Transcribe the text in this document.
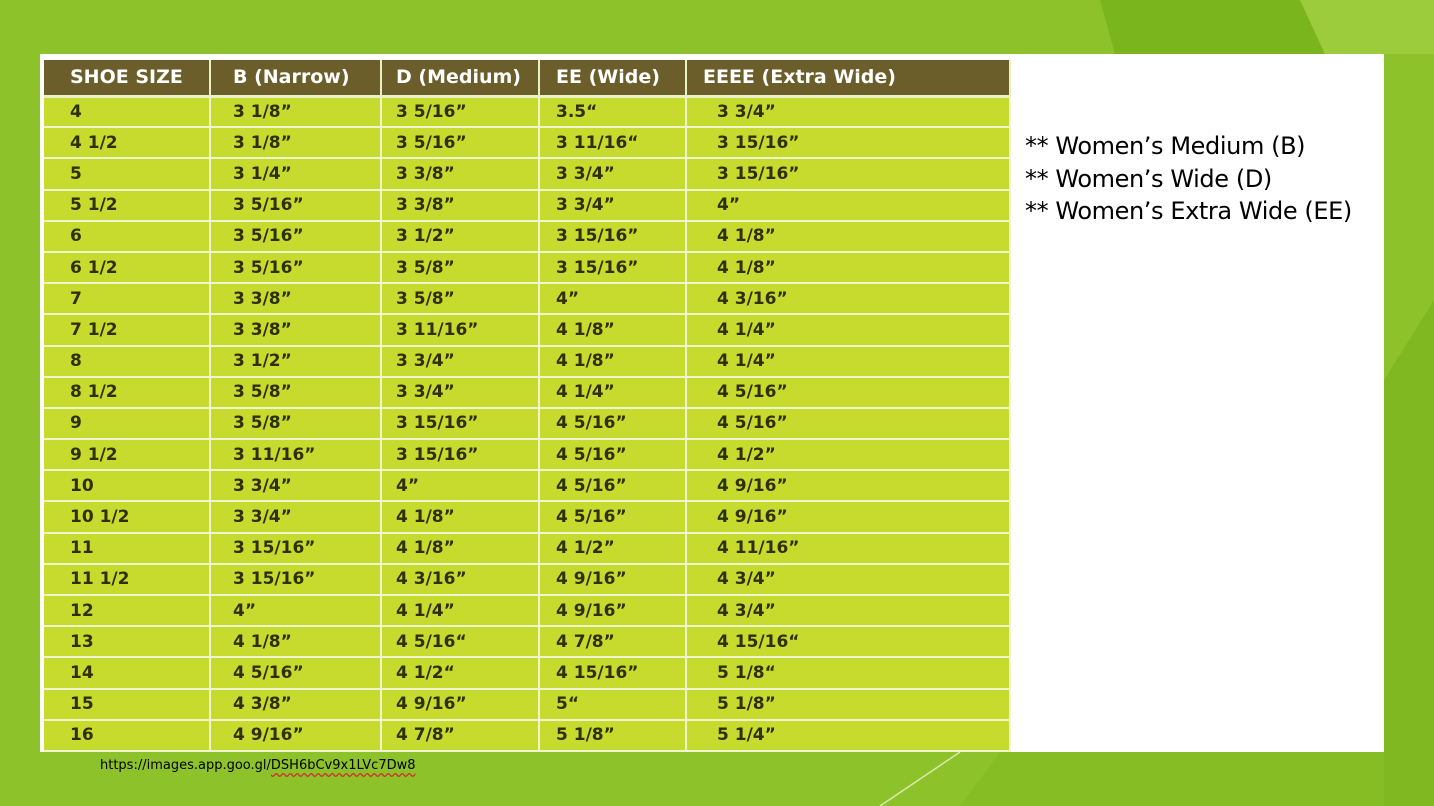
SHOE SIZE	B (Narrow)	D (Medium)	EE (Wide)	EEEE (Extra Wide)
4	3 1/8”	3 5/16”	3.5“	3 3/4”
4 1/2	3 1/8”	3 5/16”	3 11/16“	3 15/16”
5	3 1/4”	3 3/8”	3 3/4”	3 15/16”
5 1/2	3 5/16”	3 3/8”	3 3/4”	4”
6	3 5/16”	3 1/2”	3 15/16”	4 1/8”
6 1/2	3 5/16”	3 5/8”	3 15/16”	4 1/8”
7	3 3/8”	3 5/8”	4”	4 3/16”
7 1/2	3 3/8”	3 11/16”	4 1/8”	4 1/4”
8	3 1/2”	3 3/4”	4 1/8”	4 1/4”
8 1/2	3 5/8”	3 3/4”	4 1/4”	4 5/16”
9	3 5/8”	3 15/16”	4 5/16”	4 5/16”
9 1/2	3 11/16”	3 15/16”	4 5/16”	4 1/2”
10	3 3/4”	4”	4 5/16”	4 9/16”
10 1/2	3 3/4”	4 1/8”	4 5/16”	4 9/16”
11	3 15/16”	4 1/8”	4 1/2”	4 11/16”
11 1/2	3 15/16”	4 3/16”	4 9/16”	4 3/4”
12	4”	4 1/4”	4 9/16”	4 3/4”
13	4 1/8”	4 5/16“	4 7/8”	4 15/16“
14	4 5/16”	4 1/2“	4 15/16”	5 1/8“
15	4 3/8”	4 9/16”	5“	5 1/8”
16	4 9/16”	4 7/8”	5 1/8”	5 1/4”
** Women’s Medium (B)
** Women’s Wide (D)
** Women’s Extra Wide (EE)
https://images.app.goo.gl/DSH6bCv9x1LVc7Dw8
